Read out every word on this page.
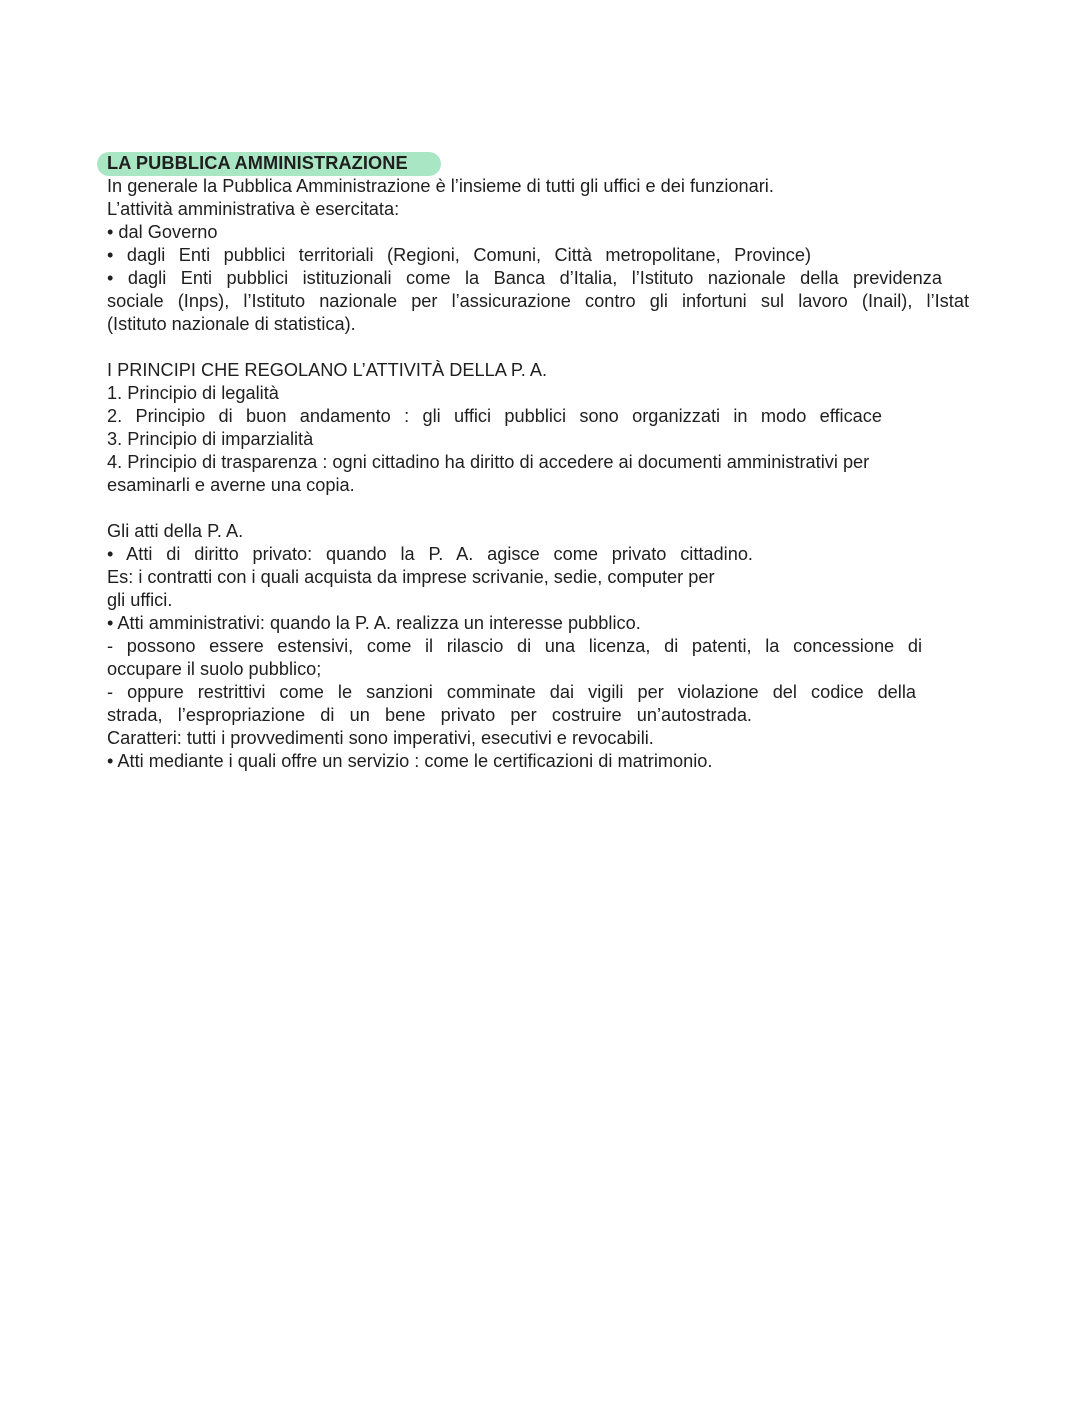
LA PUBBLICA AMMINISTRAZIONE
In generale la Pubblica Amministrazione è l’insieme di tutti gli uffici e dei funzionari.
L’attività amministrativa è esercitata:
• dal Governo
• dagli Enti pubblici territoriali (Regioni, Comuni, Città metropolitane, Province)
• dagli Enti pubblici istituzionali come la Banca d’Italia, l’Istituto nazionale della previdenza
sociale (Inps), l’Istituto nazionale per l’assicurazione contro gli infortuni sul lavoro (Inail), l’Istat
(Istituto nazionale di statistica).
I PRINCIPI CHE REGOLANO L’ATTIVITÀ DELLA P. A.
1. Principio di legalità
2. Principio di buon andamento : gli uffici pubblici sono organizzati in modo efficace
3. Principio di imparzialità
4. Principio di trasparenza : ogni cittadino ha diritto di accedere ai documenti amministrativi per
esaminarli e averne una copia.
Gli atti della P. A.
• Atti di diritto privato: quando la P. A. agisce come privato cittadino.
Es: i contratti con i quali acquista da imprese scrivanie, sedie, computer per
gli uffici.
• Atti amministrativi: quando la P. A. realizza un interesse pubblico.
- possono essere estensivi, come il rilascio di una licenza, di patenti, la concessione di
occupare il suolo pubblico;
- oppure restrittivi come le sanzioni comminate dai vigili per violazione del codice della
strada, l’espropriazione di un bene privato per costruire un’autostrada.
Caratteri: tutti i provvedimenti sono imperativi, esecutivi e revocabili.
• Atti mediante i quali offre un servizio : come le certificazioni di matrimonio.
